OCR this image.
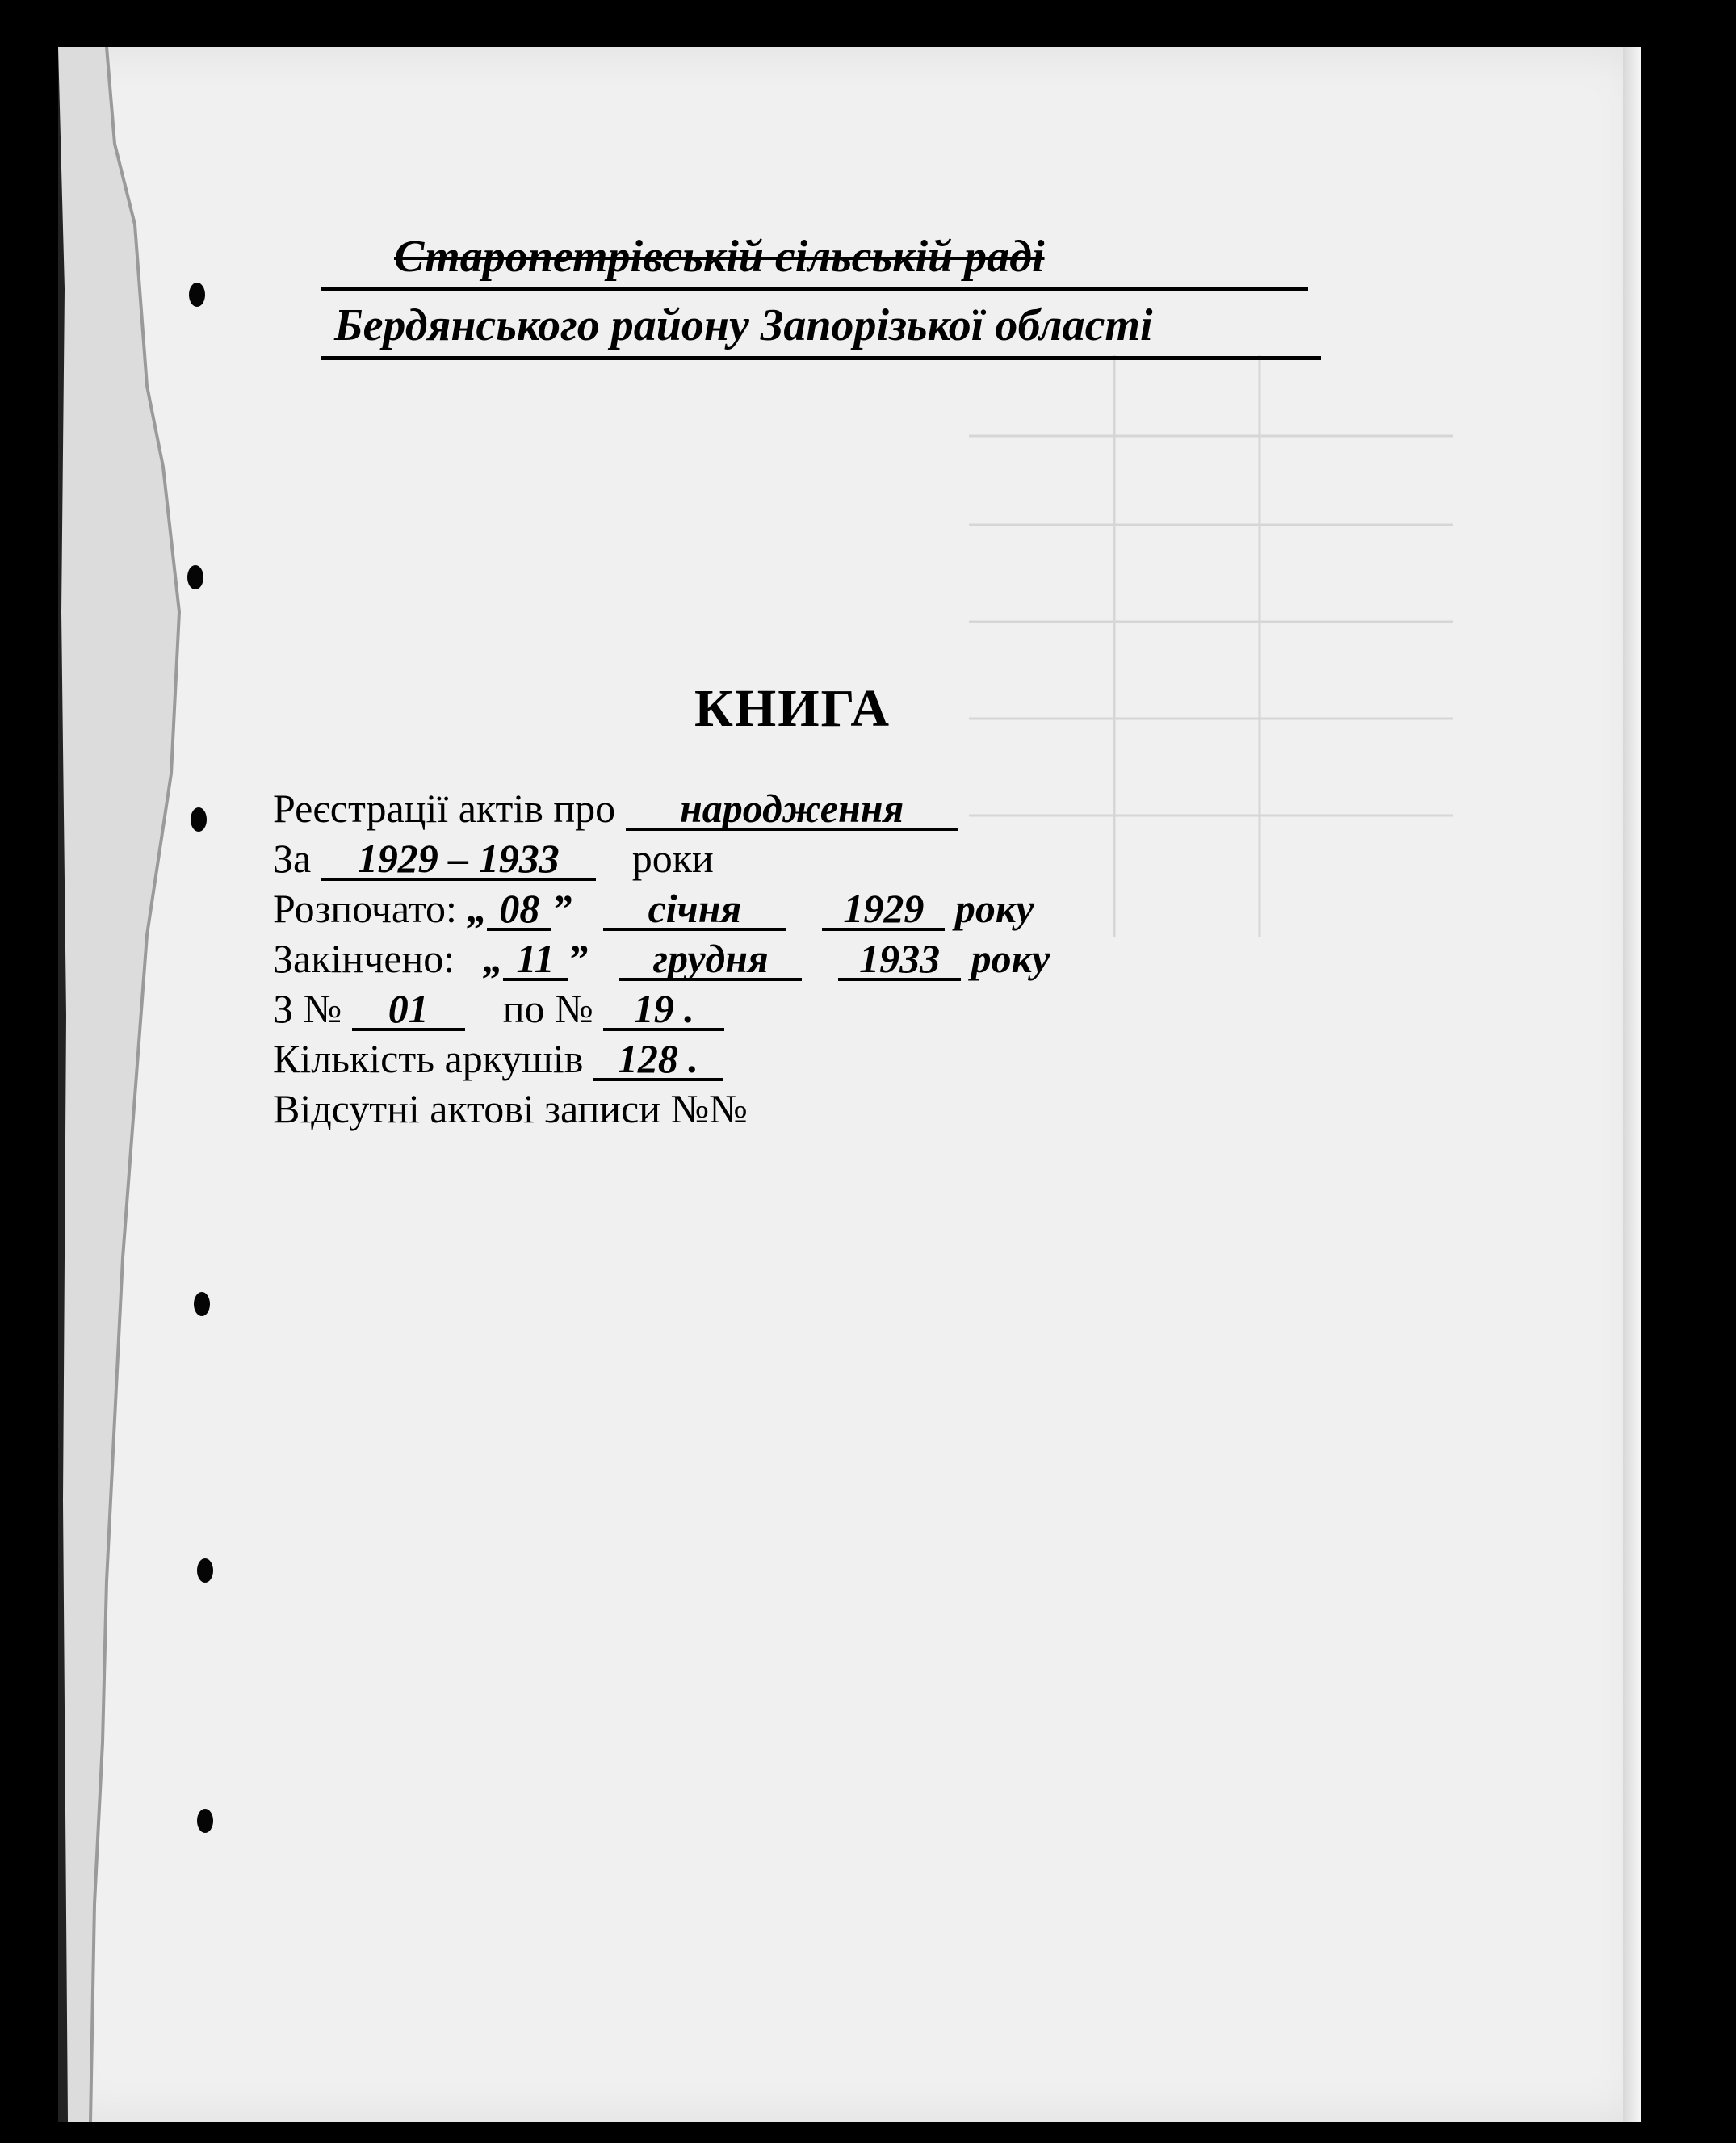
Старопетрівській сільській раді
Бердянського району Запорізької області
КНИГА
Реєстрації актів про народження
За 1929 – 1933 роки
Розпочато: „ 08 ” січня	1929 року
Закінчено: „ 11 ” грудня 1933 року
З № 01 по № 19 .
Кількість аркушів 128 .
Відсутні актові записи №№
